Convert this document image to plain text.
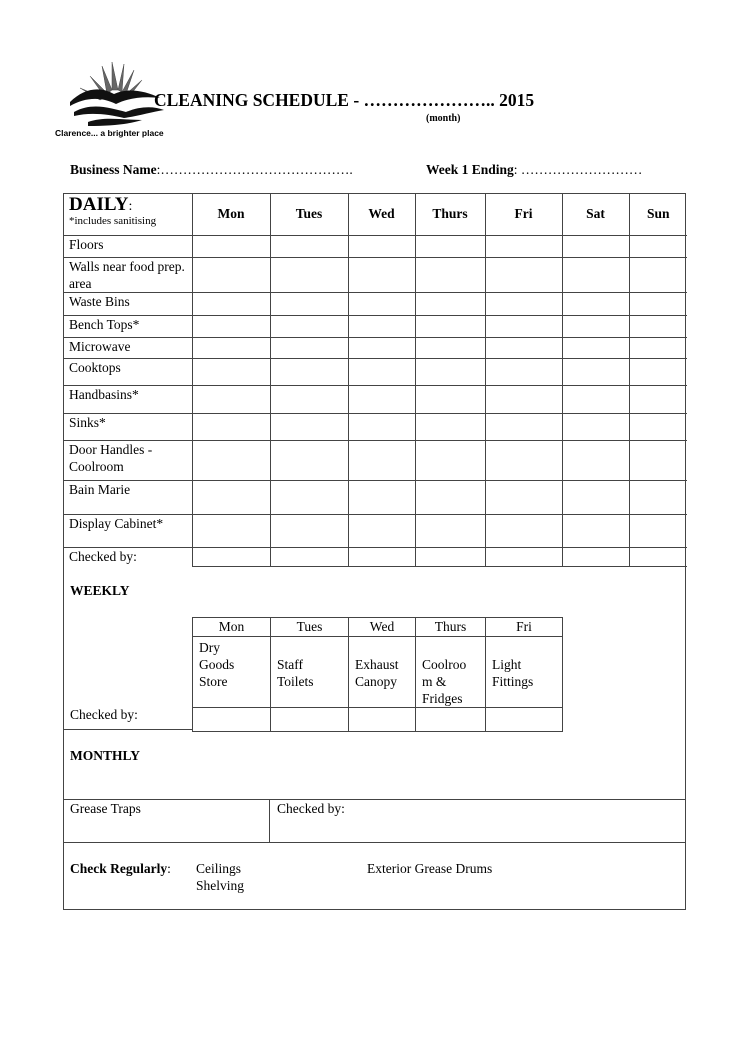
Clarence... a brighter place
CLEANING SCHEDULE - ………………….. 2015
(month)
Business Name:…………………………………….	Week 1 Ending: ………………………
DAILY:
*includes sanitising	Mon	Tues	Wed	Thurs	Fri	Sat	Sun
Floors							
Walls near food prep. area							
Waste Bins							
Bench Tops*							
Microwave							
Cooktops							
Handbasins*							
Sinks*							
Door Handles - Coolroom							
Bain Marie							
Display Cabinet*							
Checked by:							
WEEKLY
Mon	Tues	Wed	Thurs	Fri

Dry Goods Store	Staff Toilets	Exhaust Canopy	Coolroo m & Fridges	Light Fittings

Checked by:
MONTHLY
Grease Traps	Checked by:
Check Regularly: Ceilings
Shelving
Exterior Grease Drums
